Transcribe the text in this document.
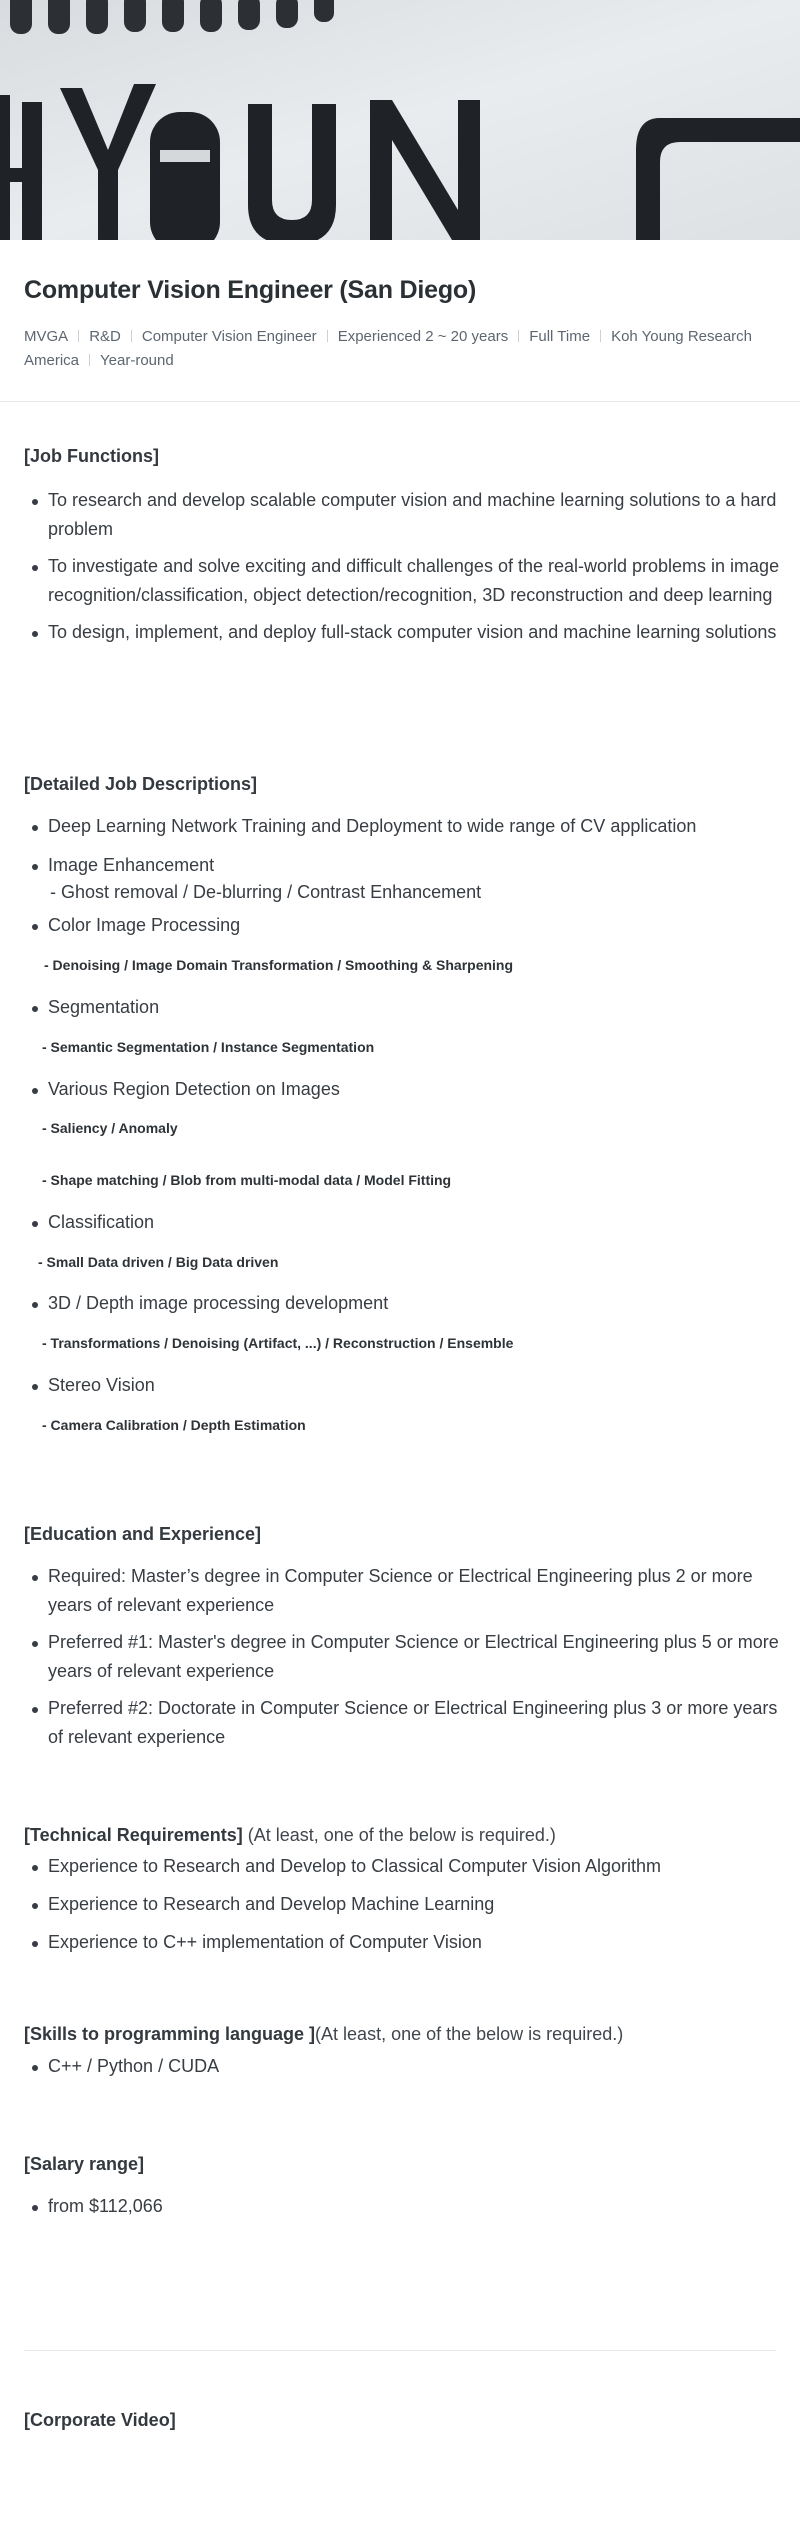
Computer Vision Engineer (San Diego)
MVGA R&D Computer Vision Engineer Experienced 2 ~ 20 years Full Time Koh Young Research America Year-round
[Job Functions]
To research and develop scalable computer vision and machine learning solutions to a hard problem
To investigate and solve exciting and difficult challenges of the real-world problems in image recognition/classification, object detection/recognition, 3D reconstruction and deep learning
To design, implement, and deploy full-stack computer vision and machine learning solutions
[Detailed Job Descriptions]
Deep Learning Network Training and Deployment to wide range of CV application
Image Enhancement
- Ghost removal / De-blurring / Contrast Enhancement
Color Image Processing
- Denoising / Image Domain Transformation / Smoothing & Sharpening
Segmentation
- Semantic Segmentation / Instance Segmentation
Various Region Detection on Images
- Saliency / Anomaly
- Shape matching / Blob from multi-modal data / Model Fitting
Classification
- Small Data driven / Big Data driven
3D / Depth image processing development
- Transformations / Denoising (Artifact, ...) / Reconstruction / Ensemble
Stereo Vision
- Camera Calibration / Depth Estimation
[Education and Experience]
Required: Master’s degree in Computer Science or Electrical Engineering plus 2 or more years of relevant experience
Preferred #1: Master's degree in Computer Science or Electrical Engineering plus 5 or more years of relevant experience
Preferred #2: Doctorate in Computer Science or Electrical Engineering plus 3 or more years of relevant experience
[Technical Requirements] (At least, one of the below is required.)
Experience to Research and Develop to Classical Computer Vision Algorithm
Experience to Research and Develop Machine Learning
Experience to C++ implementation of Computer Vision
[Skills to programming language ](At least, one of the below is required.)
C++ / Python / CUDA
[Salary range]
from $112,066
[Corporate Video]
